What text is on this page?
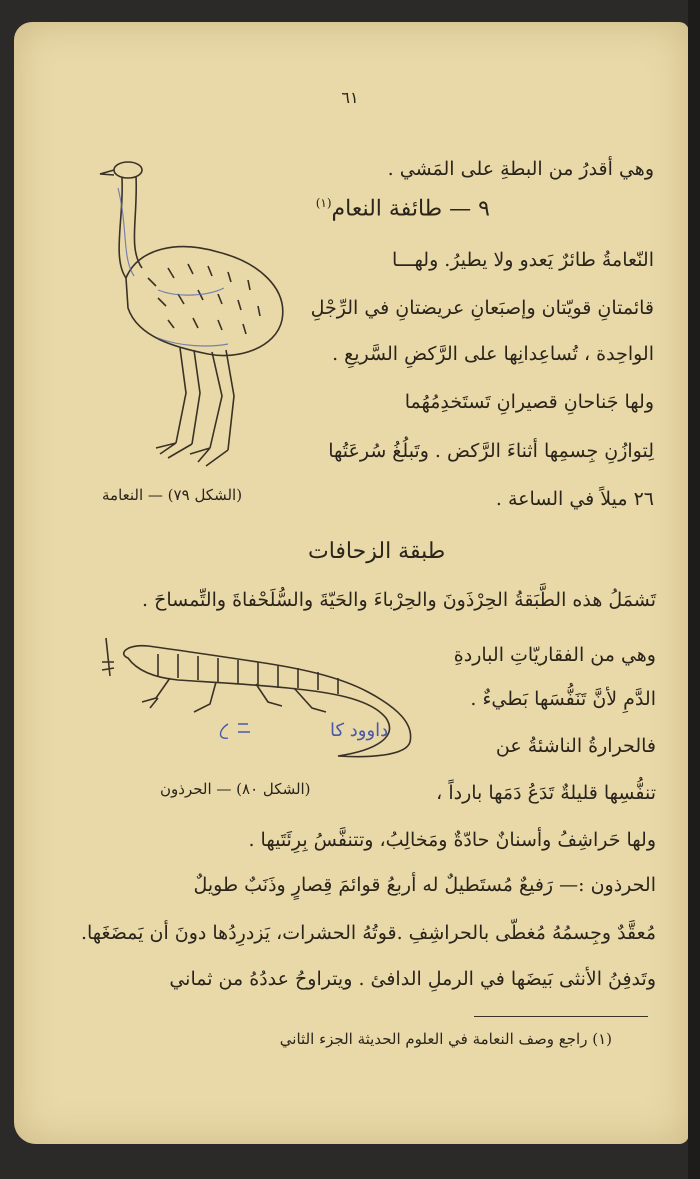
٦١
وهي أقدرُ من البطةِ على المَشي .
٩ — طائفة النعام$^{(١)}$
النّعامةُ طائرٌ يَعدو ولا يطيرُ. ولهـــا
قائمتانِ قويّتان وإصبَعانِ عريضتانِ في الرِّجْلِ
الواحِدة ، تُساعِدانِها على الرَّكضِ السَّريعِ .
ولها جَناحانِ قصيرانِ تَستَخدِمُهُما
لِتوازُنِ جِسمِها أثناءَ الرَّكض . وتَبلُغُ سُرعَتُها
٢٦ ميلاً في الساعة .
(الشكل ٧٩) — النعامة
طبقة الزحافات
تَشمَلُ هذه الطَّبَقةُ الحِرْذَونَ والحِرْباءَ والحَيّةَ والسُّلَحْفاةَ والتِّمساحَ .
وهي من الفقاريّاتِ الباردةِ
الدَّمِ لأنَّ تَنَفُّسَها بَطيءٌ .
فالحرارةُ الناشئةُ عن
تنفُّسِها قليلةٌ تَدَعُ دَمَها بارداً ،
داوود كا
(الشكل ٨٠) — الحرذون
ولها حَراشِفُ وأسنانٌ حادّةٌ ومَخالِبُ، وتتنفَّسُ بِرِئَتَيها .
الحرذون :— رَفيعٌ مُستَطيلٌ له أربعُ قوائمَ قِصارٍ وذَنَبٌ طويلٌ
مُعقَّدٌ وجِسمُهُ مُغطّى بالحراشِفِ .قوتُهُ الحشرات، يَزدرِدُها دونَ أن يَمضَغَها.
وتَدفِنُ الأنثى بَيضَها في الرملِ الدافئ . ويتراوحُ عددُهُ من ثماني
(١) راجع وصف النعامة في العلوم الحديثة الجزء الثاني
